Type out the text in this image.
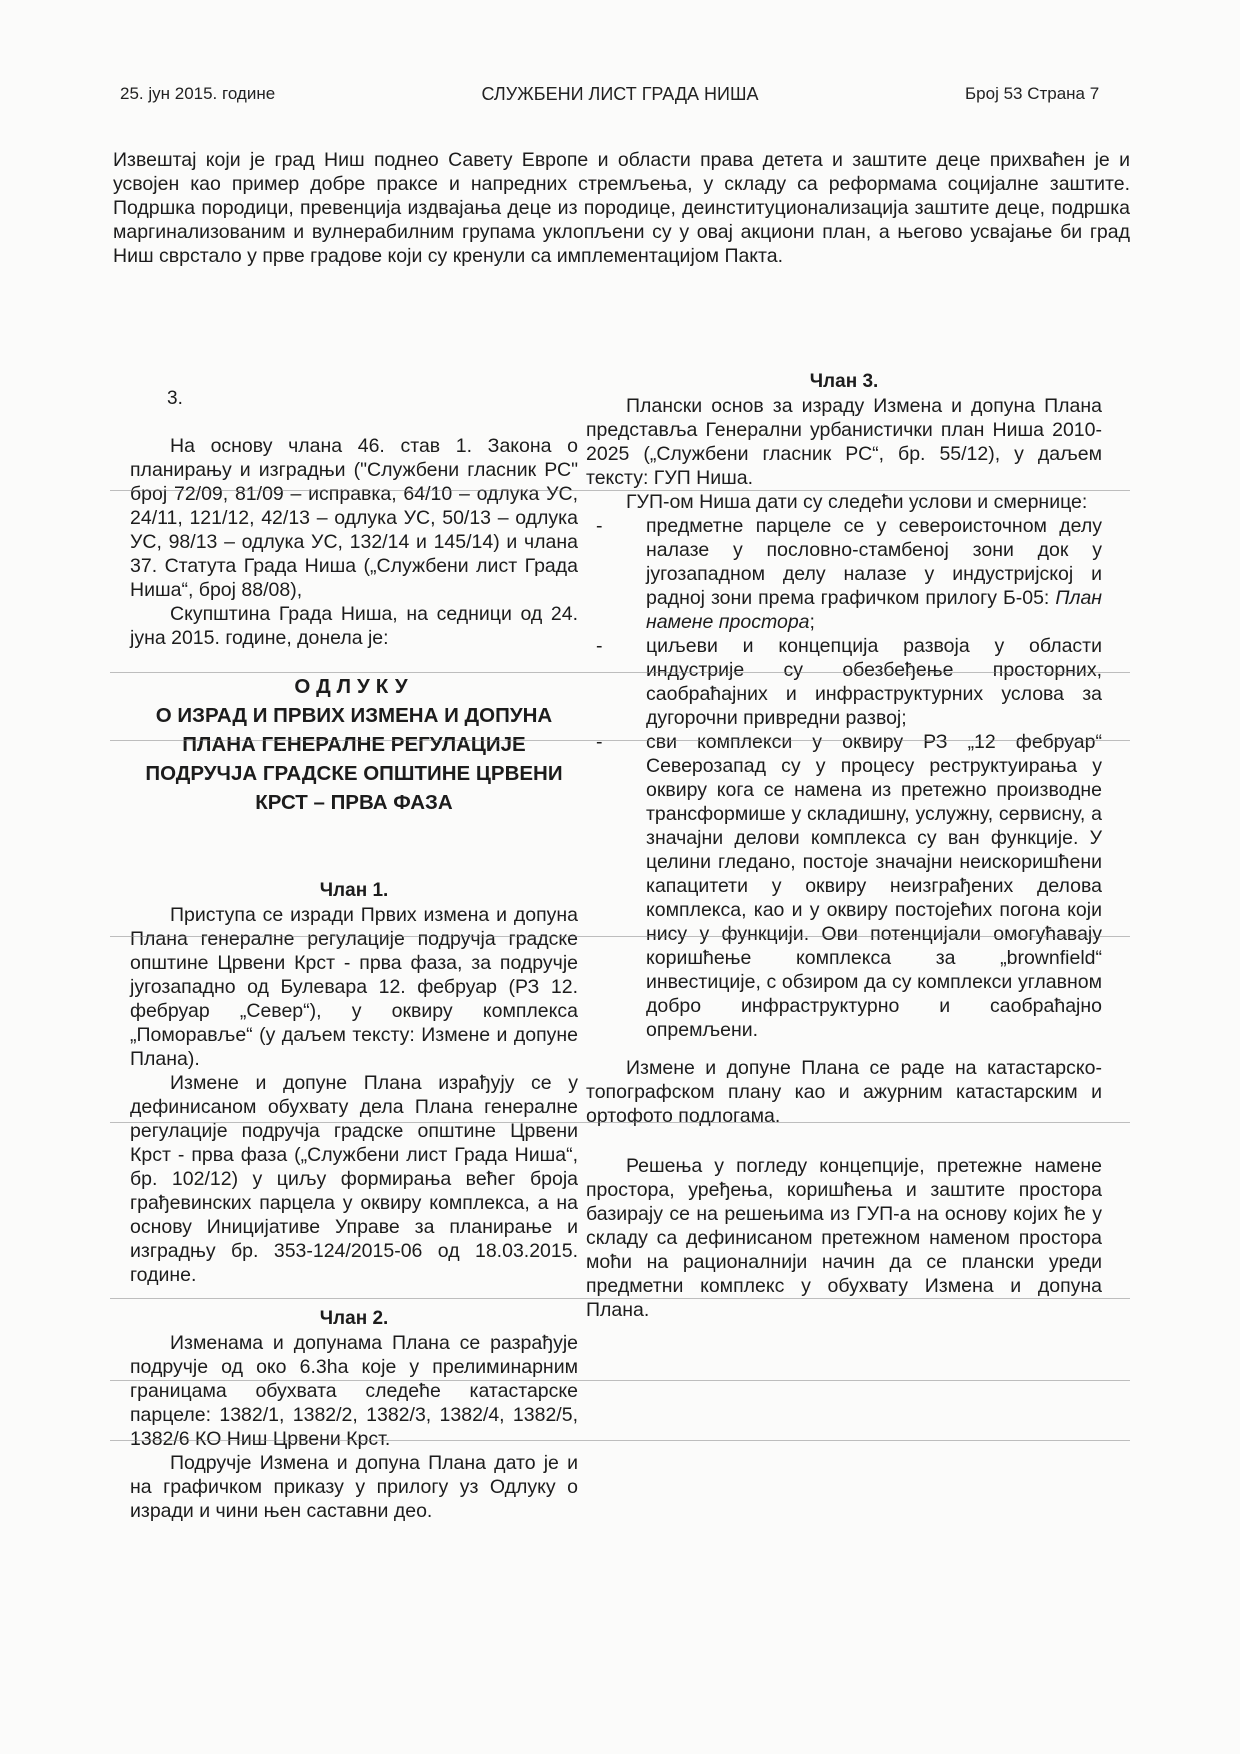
25. јун 2015. године	СЛУЖБЕНИ ЛИСТ ГРАДА НИША	Број 53 Страна 7

Извештај који је град Ниш поднео Савету Европе и области права детета и заштите деце прихваћен је и усвојен као пример добре праксе и напредних стремљења, у складу са реформама социјалне заштите. Подршка породици, превенција издвајања деце из породице, деинституционализација заштите деце, подршка маргинализованим и вулнерабилним групама уклопљени су у овај акциони план, а његово усвајање би град Ниш сврстало у прве градове који су кренули са имплементацијом Пакта.

3.

На основу члана 46. став 1. Закона о планирању и изградњи ("Службени гласник РС" број 72/09, 81/09 – исправка, 64/10 – одлука УС, 24/11, 121/12, 42/13 – одлука УС, 50/13 – одлука УС, 98/13 – одлука УС, 132/14 и 145/14) и члана 37. Статута Града Ниша („Службени лист Града Ниша“, број 88/08),

Скупштина Града Ниша, на седници од 24. јуна 2015. године, донела је:

ОДЛУКУ

О ИЗРАД И ПРВИХ ИЗМЕНА И ДОПУНА ПЛАНА ГЕНЕРАЛНЕ РЕГУЛАЦИЈЕ ПОДРУЧЈА ГРАДСКЕ ОПШТИНЕ ЦРВЕНИ КРСТ – ПРВА ФАЗА

Члан 1.

Приступа се изради Првих измена и допуна Плана генералне регулације подручја градске општине Црвени Крст - прва фаза, за подручје југозападно од Булевара 12. фебруар (РЗ 12. фебруар „Север“), у оквиру комплекса „Поморавље“ (у даљем тексту: Измене и допуне Плана).

Измене и допуне Плана израђују се у дефинисаном обухвату дела Плана генералне регулације подручја градске општине Црвени Крст - прва фаза („Службени лист Града Ниша“, бр. 102/12) у циљу формирања већег броја грађевинских парцела у оквиру комплекса, а на основу Иницијативе Управе за планирање и изградњу бр. 353-124/2015-06 од 18.03.2015. године.

Члан 2.

Изменама и допунама Плана се разрађује подручје од око 6.3ha које у прелиминарним границама обухвата следеће катастарске парцеле: 1382/1, 1382/2, 1382/3, 1382/4, 1382/5, 1382/6 КО Ниш Црвени Крст.

Подручје Измена и допуна Плана дато је и на графичком приказу у прилогу уз Одлуку о изради и чини њен саставни део.

Члан 3.

Плански основ за израду Измена и допуна Плана представља Генерални урбанистички план Ниша 2010-2025 („Службени гласник РС“, бр. 55/12), у даљем тексту: ГУП Ниша.

ГУП-ом Ниша дати су следећи услови и смернице:

- предметне парцеле се у североисточном делу налазе у пословно-стамбеној зони док у југозападном делу налазе у индустријској и радној зони према графичком прилогу Б-05: План намене простора;
- циљеви и концепција развоја у области индустрије су обезбеђење просторних, саобраћајних и инфраструктурних услова за дугорочни привредни развој;
- сви комплекси у оквиру РЗ „12 фебруар“ Северозапад су у процесу реструктуирања у оквиру кога се намена из претежно производне трансформише у складишну, услужну, сервисну, а значајни делови комплекса су ван функције. У целини гледано, постоје значајни неискоришћени капацитети у оквиру неизграђених делова комплекса, као и у оквиру постојећих погона који нису у функцији. Ови потенцијали омогућавају коришћење комплекса за „brownfield“ инвестиције, с обзиром да су комплекси углавном добро инфраструктурно и саобраћајно опремљени.

Измене и допуне Плана се раде на катастарско-топографском плану као и ажурним катастарским и ортофото подлогама.

Решења у погледу концепције, претежне намене простора, уређења, коришћења и заштите простора базирају се на решењима из ГУП-а на основу којих ће у складу са дефинисаном претежном наменом простора моћи на рационалнији начин да се плански уреди предметни комплекс у обухвату Измена и допуна Плана.
